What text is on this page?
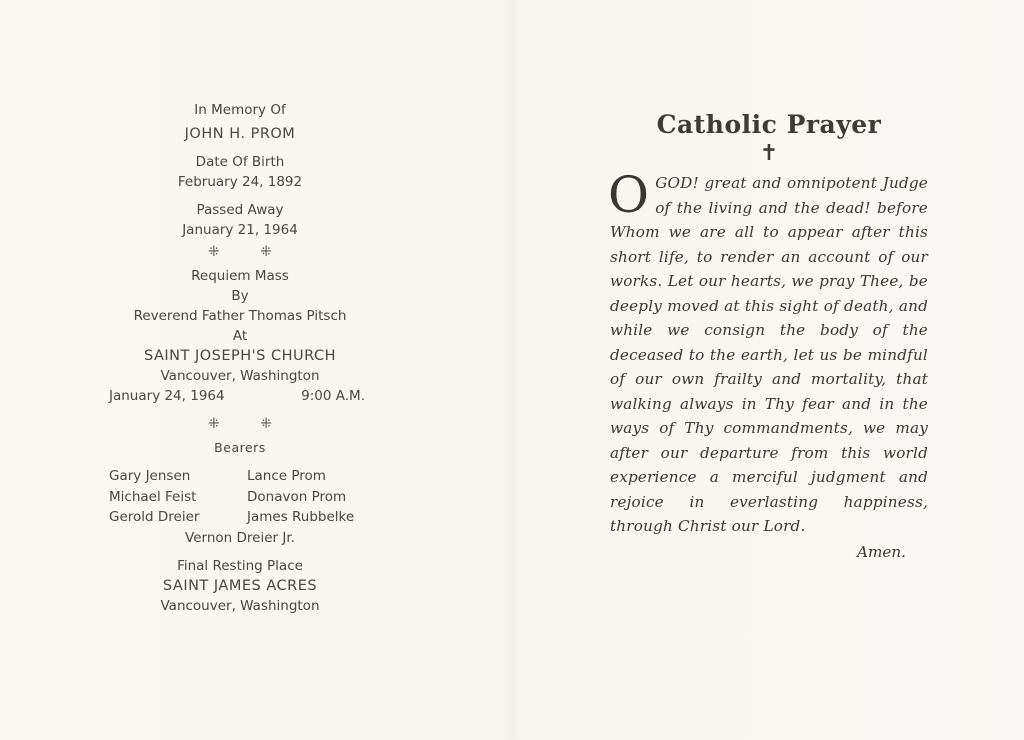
In Memory Of
JOHN H. PROM
Date Of Birth
February 24, 1892
Passed Away
January 21, 1964
⁜ ⁜
Requiem Mass
By
Reverend Father Thomas Pitsch
At
SAINT JOSEPH'S CHURCH
Vancouver, Washington
January 24, 1964	9:00 A.M.
⁜ ⁜
Bearers
Gary Jensen	Lance Prom
Michael Feist	Donavon Prom
Gerold Dreier	James Rubbelke
Vernon Dreier Jr.
Final Resting Place
SAINT JAMES ACRES
Vancouver, Washington
Catholic Prayer
✝
O GOD! great and omnipotent Judge of the living and the dead! before Whom we are all to appear after this short life, to render an account of our works. Let our hearts, we pray Thee, be deeply moved at this sight of death, and while we consign the body of the deceased to the earth, let us be mindful of our own frailty and mortality, that walking always in Thy fear and in the ways of Thy commandments, we may after our departure from this world experience a merciful judgment and rejoice in everlasting happiness, through Christ our Lord.
Amen.
